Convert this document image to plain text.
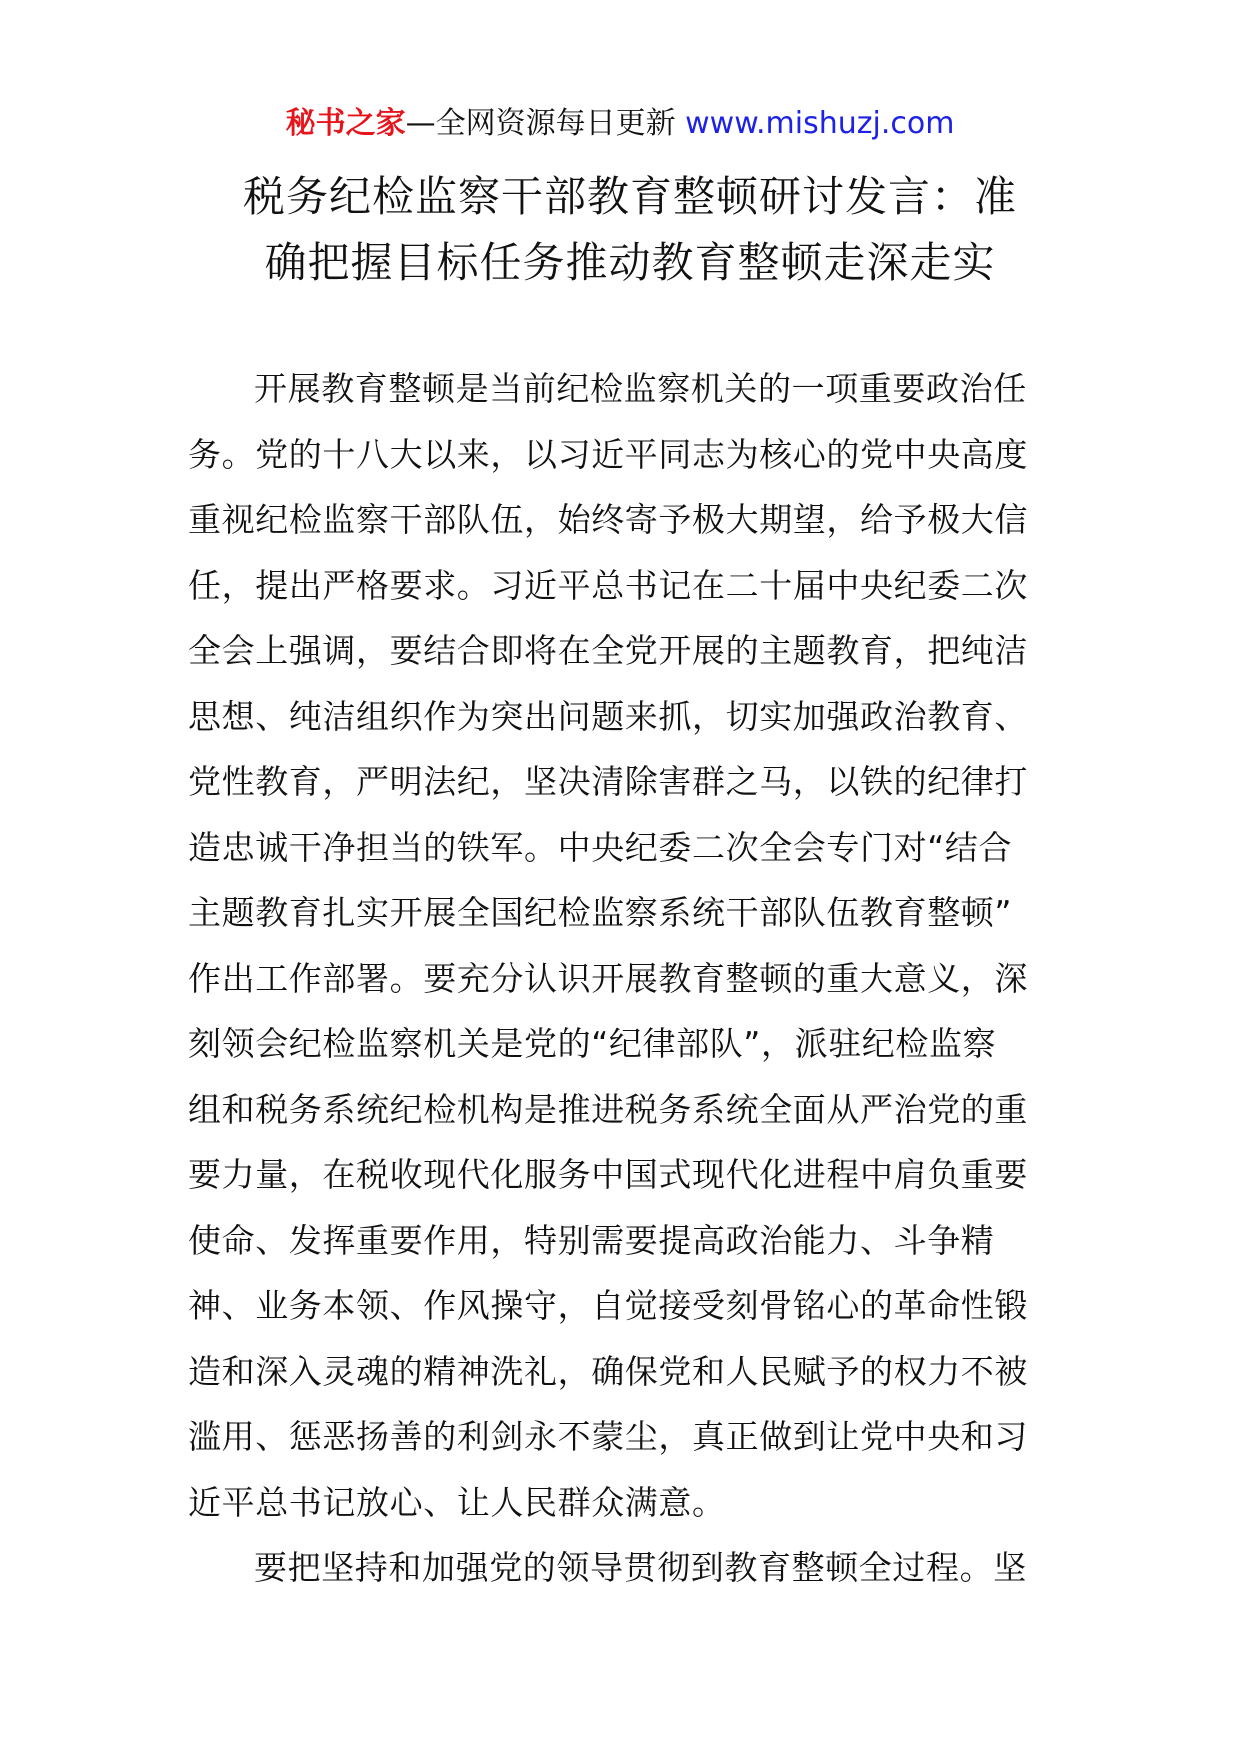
秘书之家—全网资源每日更新 www.mishuzj.com
税务纪检监察干部教育整顿研讨发言：准
确把握目标任务推动教育整顿走深走实
开展教育整顿是当前纪检监察机关的一项重要政治任
务。党的十八大以来，以习近平同志为核心的党中央高度
重视纪检监察干部队伍，始终寄予极大期望，给予极大信
任，提出严格要求。习近平总书记在二十届中央纪委二次
全会上强调，要结合即将在全党开展的主题教育，把纯洁
思想、纯洁组织作为突出问题来抓，切实加强政治教育、
党性教育，严明法纪，坚决清除害群之马，以铁的纪律打
造忠诚干净担当的铁军。中央纪委二次全会专门对“结合
主题教育扎实开展全国纪检监察系统干部队伍教育整顿”
作出工作部署。要充分认识开展教育整顿的重大意义，深
刻领会纪检监察机关是党的“纪律部队”，派驻纪检监察
组和税务系统纪检机构是推进税务系统全面从严治党的重
要力量，在税收现代化服务中国式现代化进程中肩负重要
使命、发挥重要作用，特别需要提高政治能力、斗争精
神、业务本领、作风操守，自觉接受刻骨铭心的革命性锻
造和深入灵魂的精神洗礼，确保党和人民赋予的权力不被
滥用、惩恶扬善的利剑永不蒙尘，真正做到让党中央和习
近平总书记放心、让人民群众满意。
要把坚持和加强党的领导贯彻到教育整顿全过程。坚
